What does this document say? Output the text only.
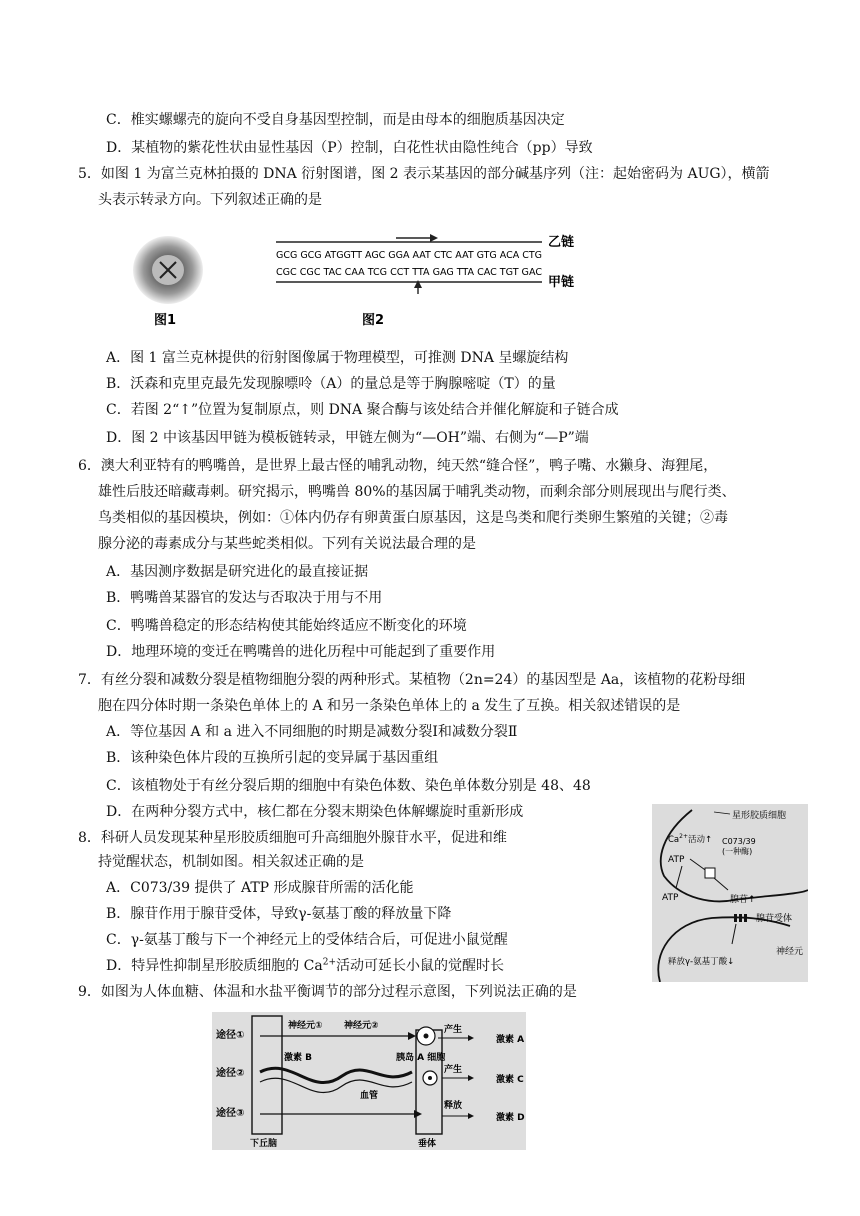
C．椎实螺螺壳的旋向不受自身基因型控制，而是由母本的细胞质基因决定
D．某植物的紫花性状由显性基因（P）控制，白花性状由隐性纯合（pp）导致
5．如图 1 为富兰克林拍摄的 DNA 衍射图谱，图 2 表示某基因的部分碱基序列（注：起始密码为 AUG），横箭
头表示转录方向。下列叙述正确的是
图1
GCG GCG ATGGTT AGC GGA AAT CTC AAT GTG ACA CTG
CGC CGC TAC CAA TCG CCT TTA GAG TTA CAC TGT GAC
乙链
甲链
图2
A．图 1 富兰克林提供的衍射图像属于物理模型，可推测 DNA 呈螺旋结构
B．沃森和克里克最先发现腺嘌呤（A）的量总是等于胸腺嘧啶（T）的量
C．若图 2“↑”位置为复制原点，则 DNA 聚合酶与该处结合并催化解旋和子链合成
D．图 2 中该基因甲链为模板链转录，甲链左侧为“—OH”端、右侧为“—P”端
6．澳大利亚特有的鸭嘴兽，是世界上最古怪的哺乳动物，纯天然“缝合怪”，鸭子嘴、水獭身、海狸尾，
雄性后肢还暗藏毒刺。研究揭示，鸭嘴兽 80%的基因属于哺乳类动物，而剩余部分则展现出与爬行类、
鸟类相似的基因模块，例如：①体内仍存有卵黄蛋白原基因，这是鸟类和爬行类卵生繁殖的关键；②毒
腺分泌的毒素成分与某些蛇类相似。下列有关说法最合理的是
A．基因测序数据是研究进化的最直接证据
B．鸭嘴兽某器官的发达与否取决于用与不用
C．鸭嘴兽稳定的形态结构使其能始终适应不断变化的环境
D．地理环境的变迁在鸭嘴兽的进化历程中可能起到了重要作用
7．有丝分裂和减数分裂是植物细胞分裂的两种形式。某植物（2n=24）的基因型是 Aa，该植物的花粉母细
胞在四分体时期一条染色单体上的 A 和另一条染色单体上的 a 发生了互换。相关叙述错误的是
A．等位基因 A 和 a 进入不同细胞的时期是减数分裂Ⅰ和减数分裂Ⅱ
B．该种染色体片段的互换所引起的变异属于基因重组
C．该植物处于有丝分裂后期的细胞中有染色体数、染色单体数分别是 48、48
D．在两种分裂方式中，核仁都在分裂末期染色体解螺旋时重新形成
8．科研人员发现某种星形胶质细胞可升高细胞外腺苷水平，促进和维
持觉醒状态，机制如图。相关叙述正确的是
A．C073/39 提供了 ATP 形成腺苷所需的活化能
B．腺苷作用于腺苷受体，导致γ-氨基丁酸的释放量下降
C．γ-氨基丁酸与下一个神经元上的受体结合后，可促进小鼠觉醒
D．特异性抑制星形胶质细胞的 $Ca^{2+}$活动可延长小鼠的觉醒时长
星形胶质细胞
$Ca^{2+}$活动↑ C073/39
(一种酶)
ATP
ATP	腺苷↑
腺苷受体
释放γ-氨基丁酸↓
神经元
9．如图为人体血糖、体温和水盐平衡调节的部分过程示意图，下列说法正确的是
途径①
途径②
途径③
神经元① 神经元②
胰岛 A 细胞
产生
激素 A
激素 B
血管
产生
激素 C
释放
激素 D
下丘脑	垂体
